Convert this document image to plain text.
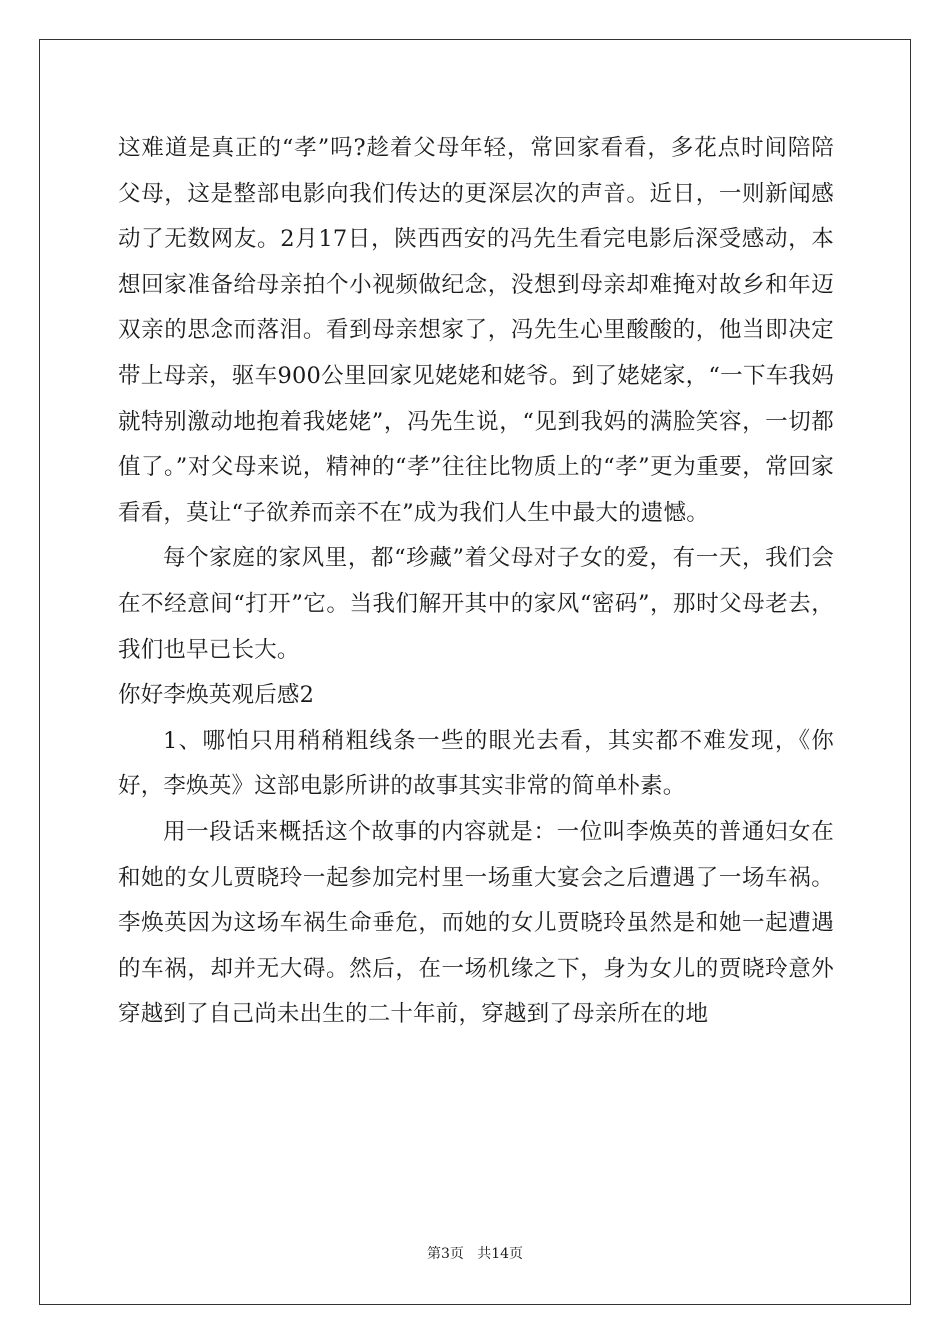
这难道是真正的“孝”吗?趁着父母年轻，常回家看看，多花点时间陪陪父母，这是整部电影向我们传达的更深层次的声音。近日，一则新闻感动了无数网友。2月17日，陕西西安的冯先生看完电影后深受感动，本想回家准备给母亲拍个小视频做纪念，没想到母亲却难掩对故乡和年迈双亲的思念而落泪。看到母亲想家了，冯先生心里酸酸的，他当即决定带上母亲，驱车900公里回家见姥姥和姥爷。到了姥姥家，“一下车我妈就特别激动地抱着我姥姥”，冯先生说，“见到我妈的满脸笑容，一切都值了。”对父母来说，精神的“孝”往往比物质上的“孝”更为重要，常回家看看，莫让“子欲养而亲不在”成为我们人生中最大的遗憾。

每个家庭的家风里，都“珍藏”着父母对子女的爱，有一天，我们会在不经意间“打开”它。当我们解开其中的家风“密码”，那时父母老去，我们也早已长大。

你好李焕英观后感2

1、哪怕只用稍稍粗线条一些的眼光去看，其实都不难发现，《你好，李焕英》这部电影所讲的故事其实非常的简单朴素。

用一段话来概括这个故事的内容就是：一位叫李焕英的普通妇女在和她的女儿贾晓玲一起参加完村里一场重大宴会之后遭遇了一场车祸。李焕英因为这场车祸生命垂危，而她的女儿贾晓玲虽然是和她一起遭遇的车祸，却并无大碍。然后，在一场机缘之下，身为女儿的贾晓玲意外穿越到了自己尚未出生的二十年前，穿越到了母亲所在的地

第3页   共14页
